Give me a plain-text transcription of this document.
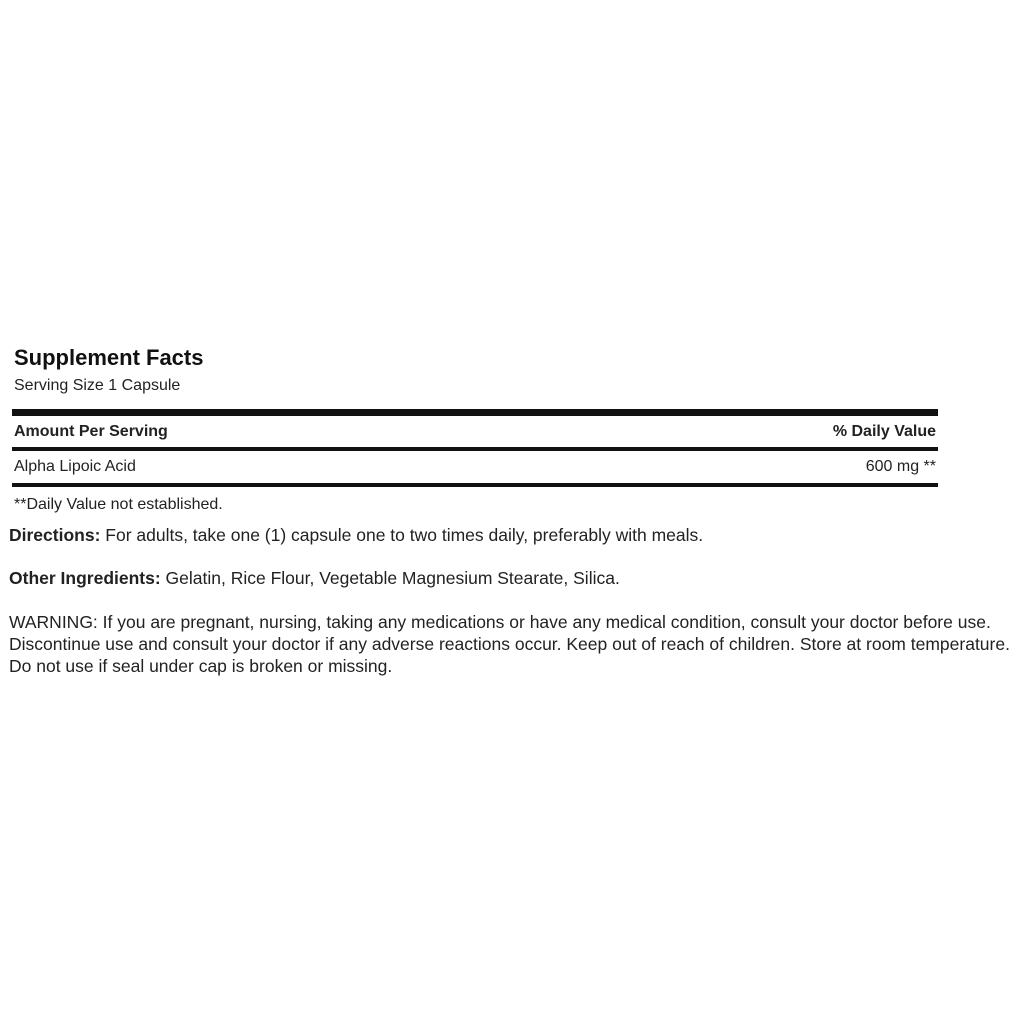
Supplement Facts
Serving Size 1 Capsule
Amount Per Serving	% Daily Value
Alpha Lipoic Acid	600 mg **
**Daily Value not established.

Directions: For adults, take one (1) capsule one to two times daily, preferably with meals.

Other Ingredients: Gelatin, Rice Flour, Vegetable Magnesium Stearate, Silica.

WARNING: If you are pregnant, nursing, taking any medications or have any medical condition, consult your doctor before use. Discontinue use and consult your doctor if any adverse reactions occur. Keep out of reach of children. Store at room temperature. Do not use if seal under cap is broken or missing.
